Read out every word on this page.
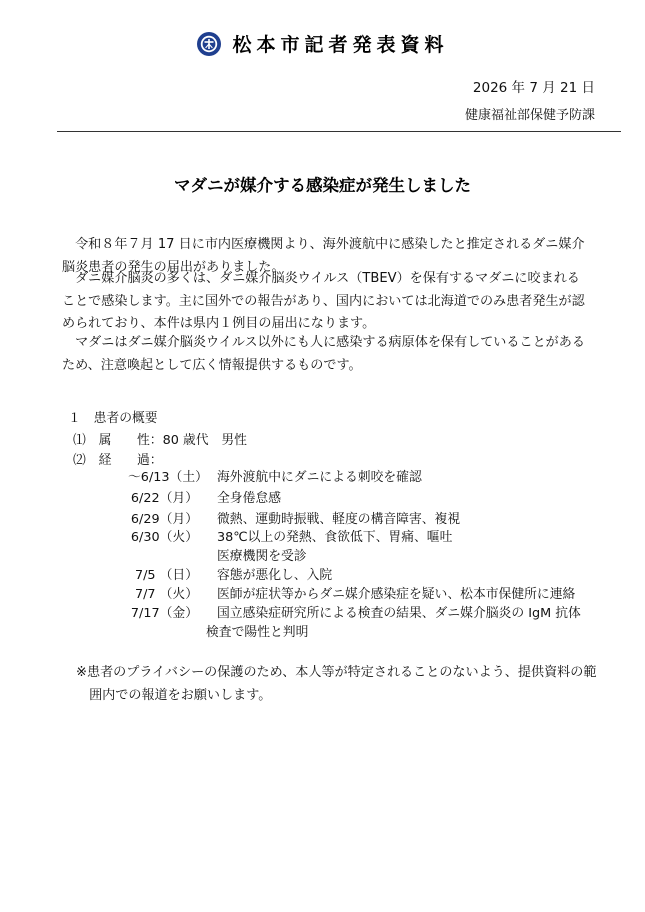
松本市記者発表資料
2026 年 7 月 21 日
健康福祉部保健予防課
マダニが媒介する感染症が発生しました

令和８年７月 17 日に市内医療機関より、海外渡航中に感染したと推定されるダニ媒介脳炎患者の発生の届出がありました。

ダニ媒介脳炎の多くは、ダニ媒介脳炎ウイルス（TBEV）を保有するマダニに咬まれることで感染します。主に国外での報告があり、国内においては北海道でのみ患者発生が認められており、本件は県内１例目の届出になります。

マダニはダニ媒介脳炎ウイルス以外にも人に感染する病原体を保有していることがあるため、注意喚起として広く情報提供するものです。

１　患者の概要
⑴　属　　性：80 歳代　男性
⑵　経　　過：
～6/13（土） 海外渡航中にダニによる刺咬を確認
6/22（月） 全身倦怠感
6/29（月） 微熱、運動時振戦、軽度の構音障害、複視
6/30（火） 38℃以上の発熱、食欲低下、胃痛、嘔吐
医療機関を受診
7/5 （日） 容態が悪化し、入院
7/7 （火） 医師が症状等からダニ媒介感染症を疑い、松本市保健所に連絡
7/17（金） 国立感染症研究所による検査の結果、ダニ媒介脳炎の IgM 抗体
検査で陽性と判明

※患者のプライバシーの保護のため、本人等が特定されることのないよう、提供資料の範囲内での報道をお願いします。
